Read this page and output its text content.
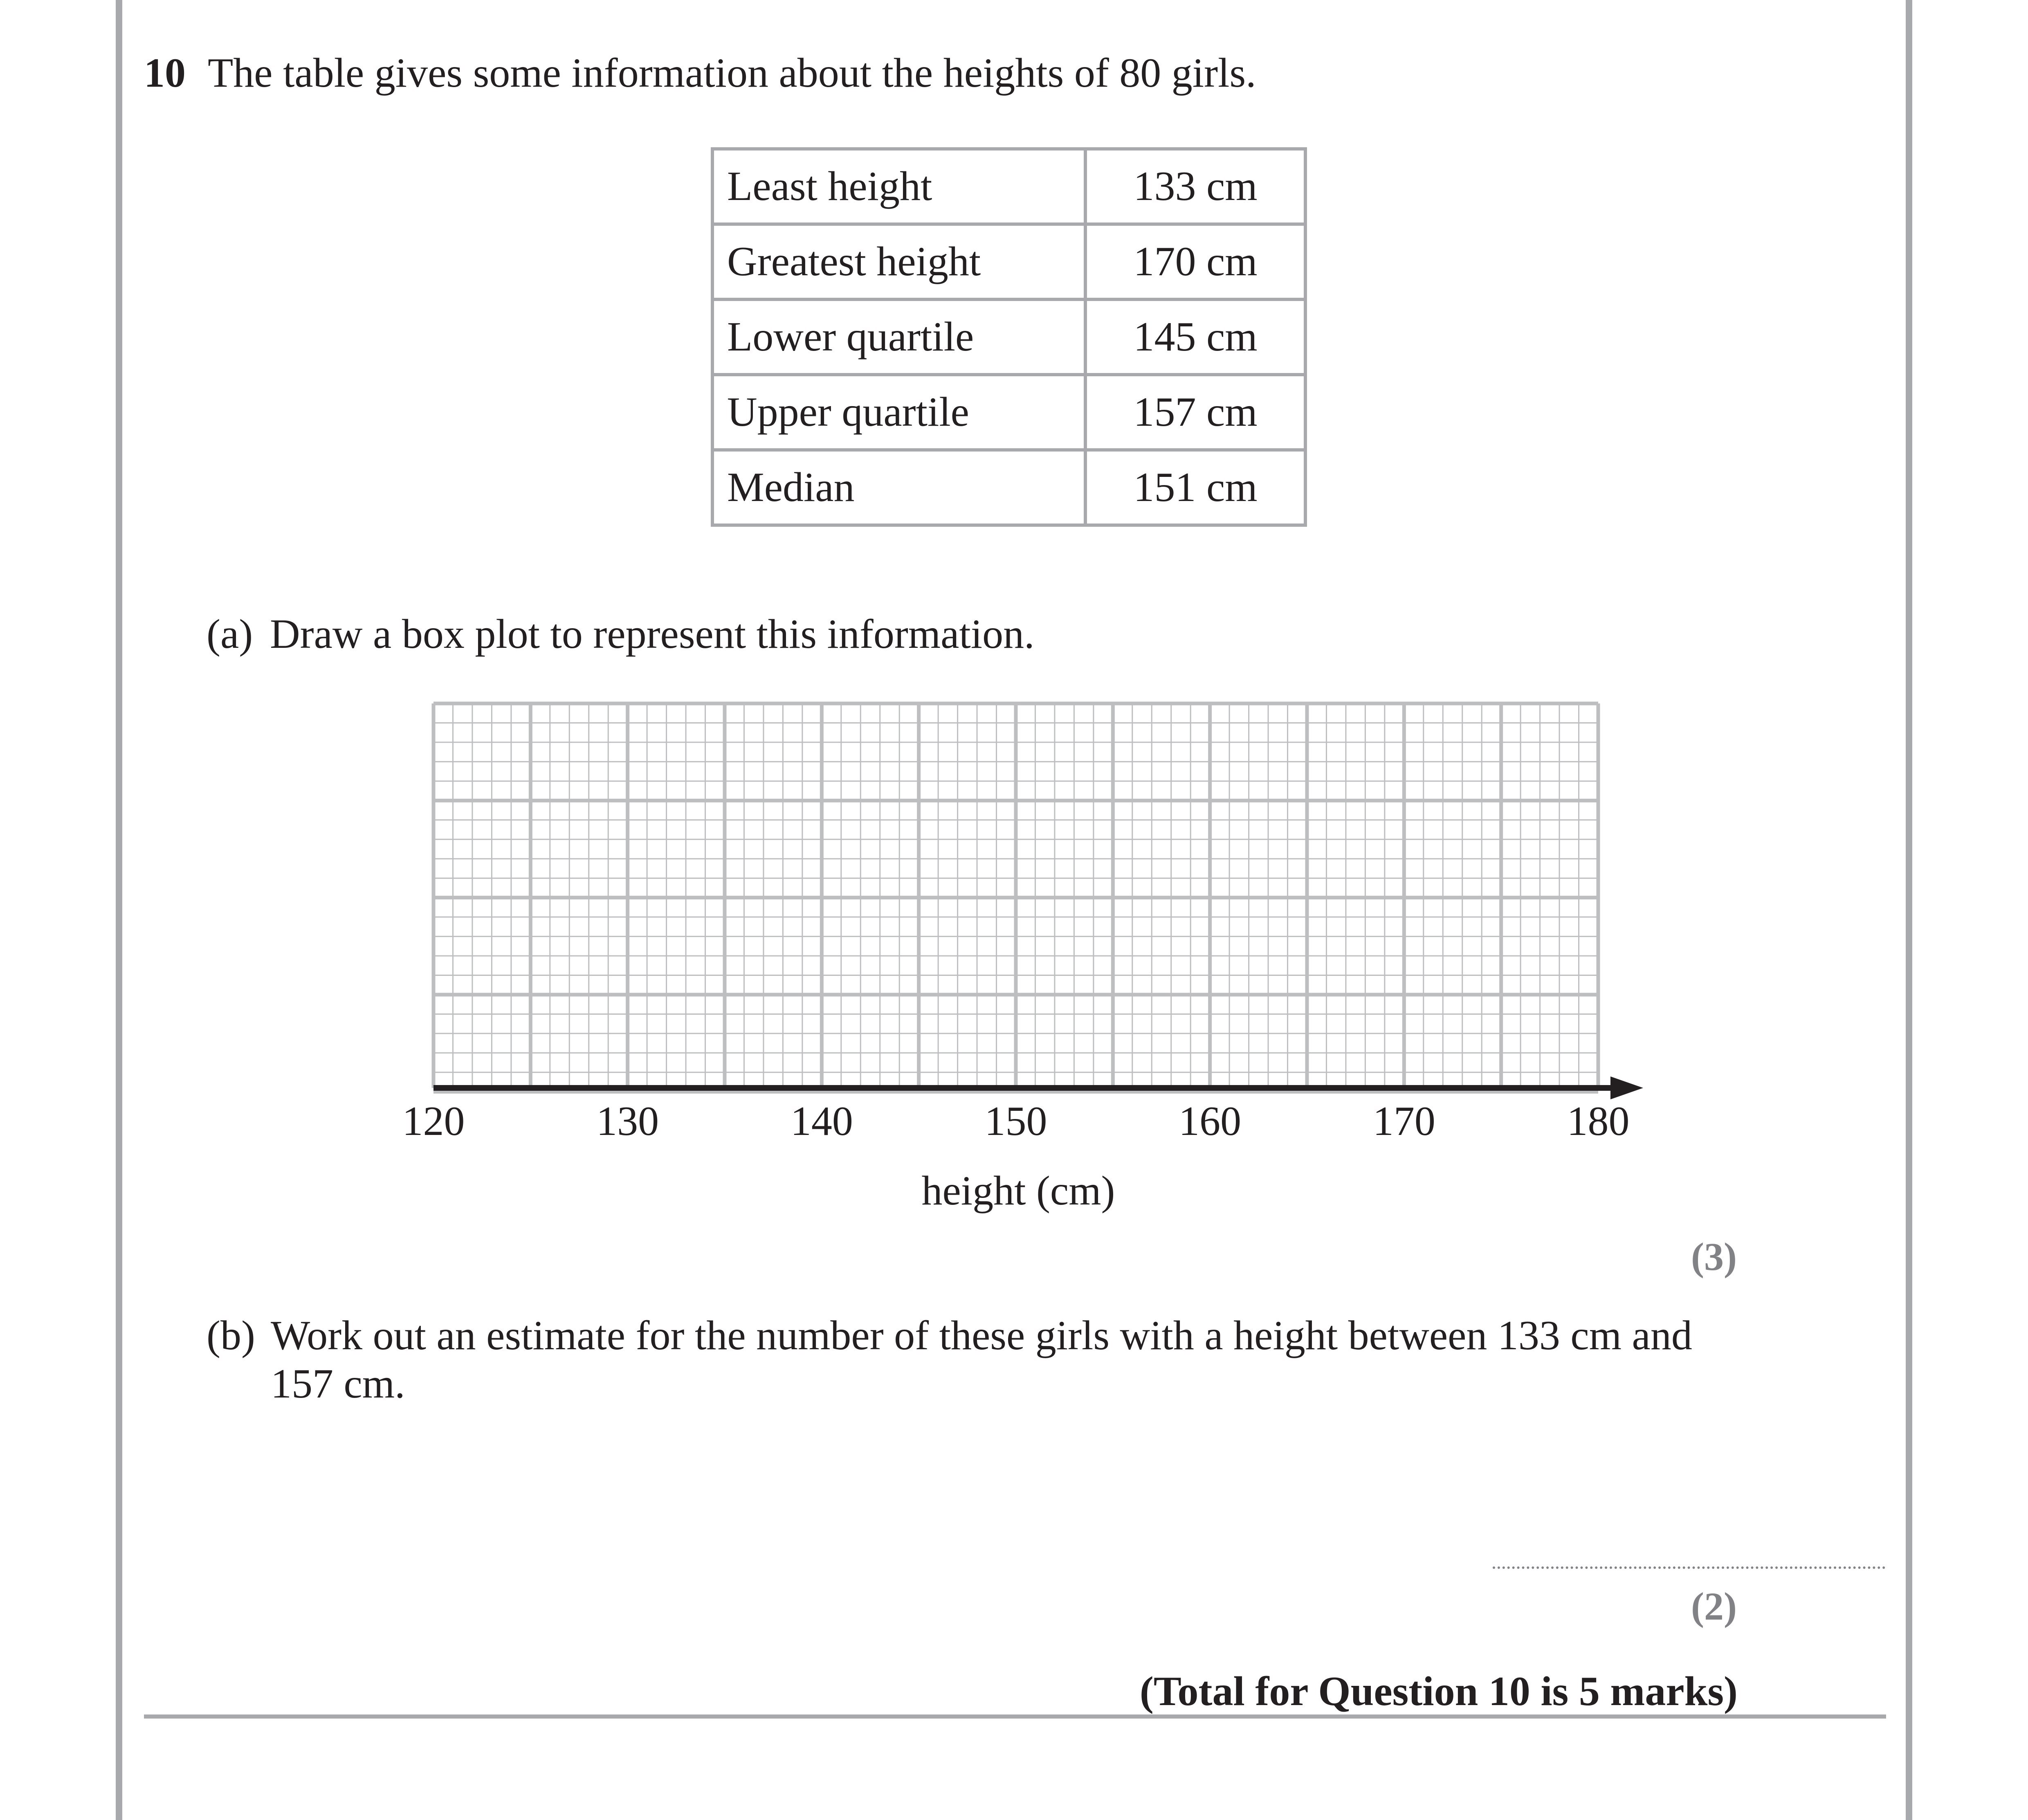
10 The table gives some information about the heights of 80 girls.
Least height	133 cm
Greatest height	170 cm
Lower quartile	145 cm
Upper quartile	157 cm
Median	151 cm
(a) Draw a box plot to represent this information.
120	130	140	150	160	170	180
height (cm)
(3)
(b) Work out an estimate for the number of these girls with a height between 133 cm and
157 cm.
(2)
(Total for Question 10 is 5 marks)
